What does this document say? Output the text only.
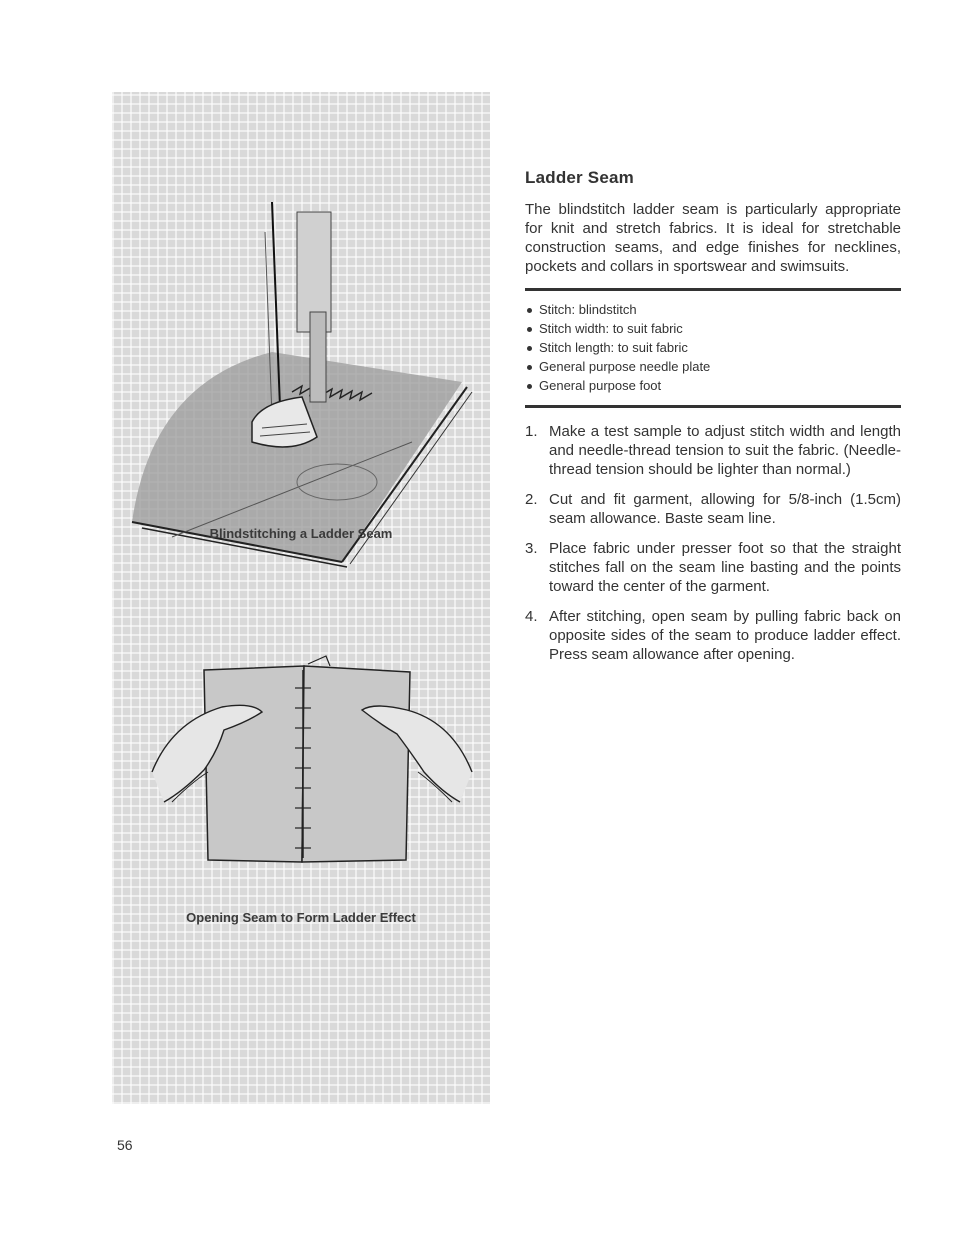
Blindstitching a Ladder Seam

Opening Seam to Form Ladder Effect

Ladder Seam

The blindstitch ladder seam is particularly appropriate for knit and stretch fabrics. It is ideal for stretchable construction seams, and edge finishes for necklines, pockets and collars in sportswear and swimsuits.

Stitch: blindstitch
Stitch width: to suit fabric
Stitch length: to suit fabric
General purpose needle plate
General purpose foot
1. Make a test sample to adjust stitch width and length and needle-thread tension to suit the fabric. (Needle-thread tension should be lighter than normal.)
2. Cut and fit garment, allowing for 5/8-inch (1.5cm) seam allowance. Baste seam line.
3. Place fabric under presser foot so that the straight stitches fall on the seam line basting and the points toward the center of the garment.
4. After stitching, open seam by pulling fabric back on opposite sides of the seam to produce ladder effect. Press seam allowance after opening.
56
